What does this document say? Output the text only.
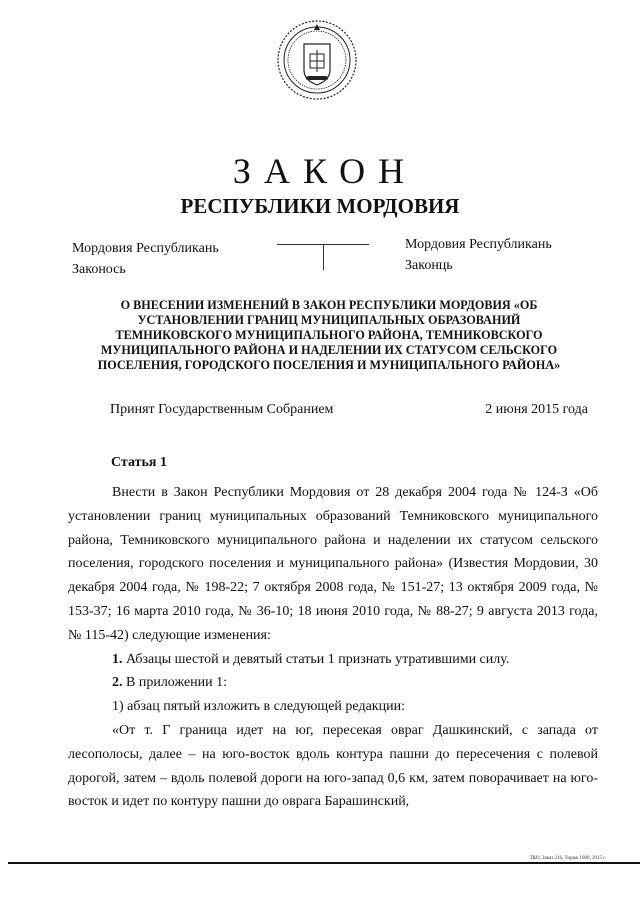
ЗАКОН
РЕСПУБЛИКИ МОРДОВИЯ
Мордовия Республикань
Законось
Мордовия Республикань
Законць
О ВНЕСЕНИИ ИЗМЕНЕНИЙ В ЗАКОН РЕСПУБЛИКИ МОРДОВИЯ «ОБ УСТАНОВЛЕНИИ ГРАНИЦ МУНИЦИПАЛЬНЫХ ОБРАЗОВАНИЙ ТЕМНИКОВСКОГО МУНИЦИПАЛЬНОГО РАЙОНА, ТЕМНИКОВСКОГО МУНИЦИПАЛЬНОГО РАЙОНА И НАДЕЛЕНИИ ИХ СТАТУСОМ СЕЛЬСКОГО ПОСЕЛЕНИЯ, ГОРОДСКОГО ПОСЕЛЕНИЯ И МУНИЦИПАЛЬНОГО РАЙОНА»
Принят Государственным Собранием	2 июня 2015 года
Статья 1

Внести в Закон Республики Мордовия от 28 декабря 2004 года № 124-З «Об установлении границ муниципальных образований Темниковского муниципального района, Темниковского муниципального района и наделении их статусом сельского поселения, городского поселения и муниципального района» (Известия Мордовии, 30 декабря 2004 года, № 198-22; 7 октября 2008 года, № 151-27; 13 октября 2009 года, № 153-37; 16 марта 2010 года, № 36-10; 18 июня 2010 года, № 88-27; 9 августа 2013 года, № 115-42) следующие изменения:

1. Абзацы шестой и девятый статьи 1 признать утратившими силу.

2. В приложении 1:

1) абзац пятый изложить в следующей редакции:

«От т. Г граница идет на юг, пересекая овраг Дашкинский, с запада от лесополосы, далее – на юго-восток вдоль контура пашни до пересечения с полевой дорогой, затем – вдоль полевой дороги на юго-запад 0,6 км, затем поворачивает на юго-восток и идет по контуру пашни до оврага Барашинский,

ТКО, Заказ 216, Тираж 1000, 2015 г.
